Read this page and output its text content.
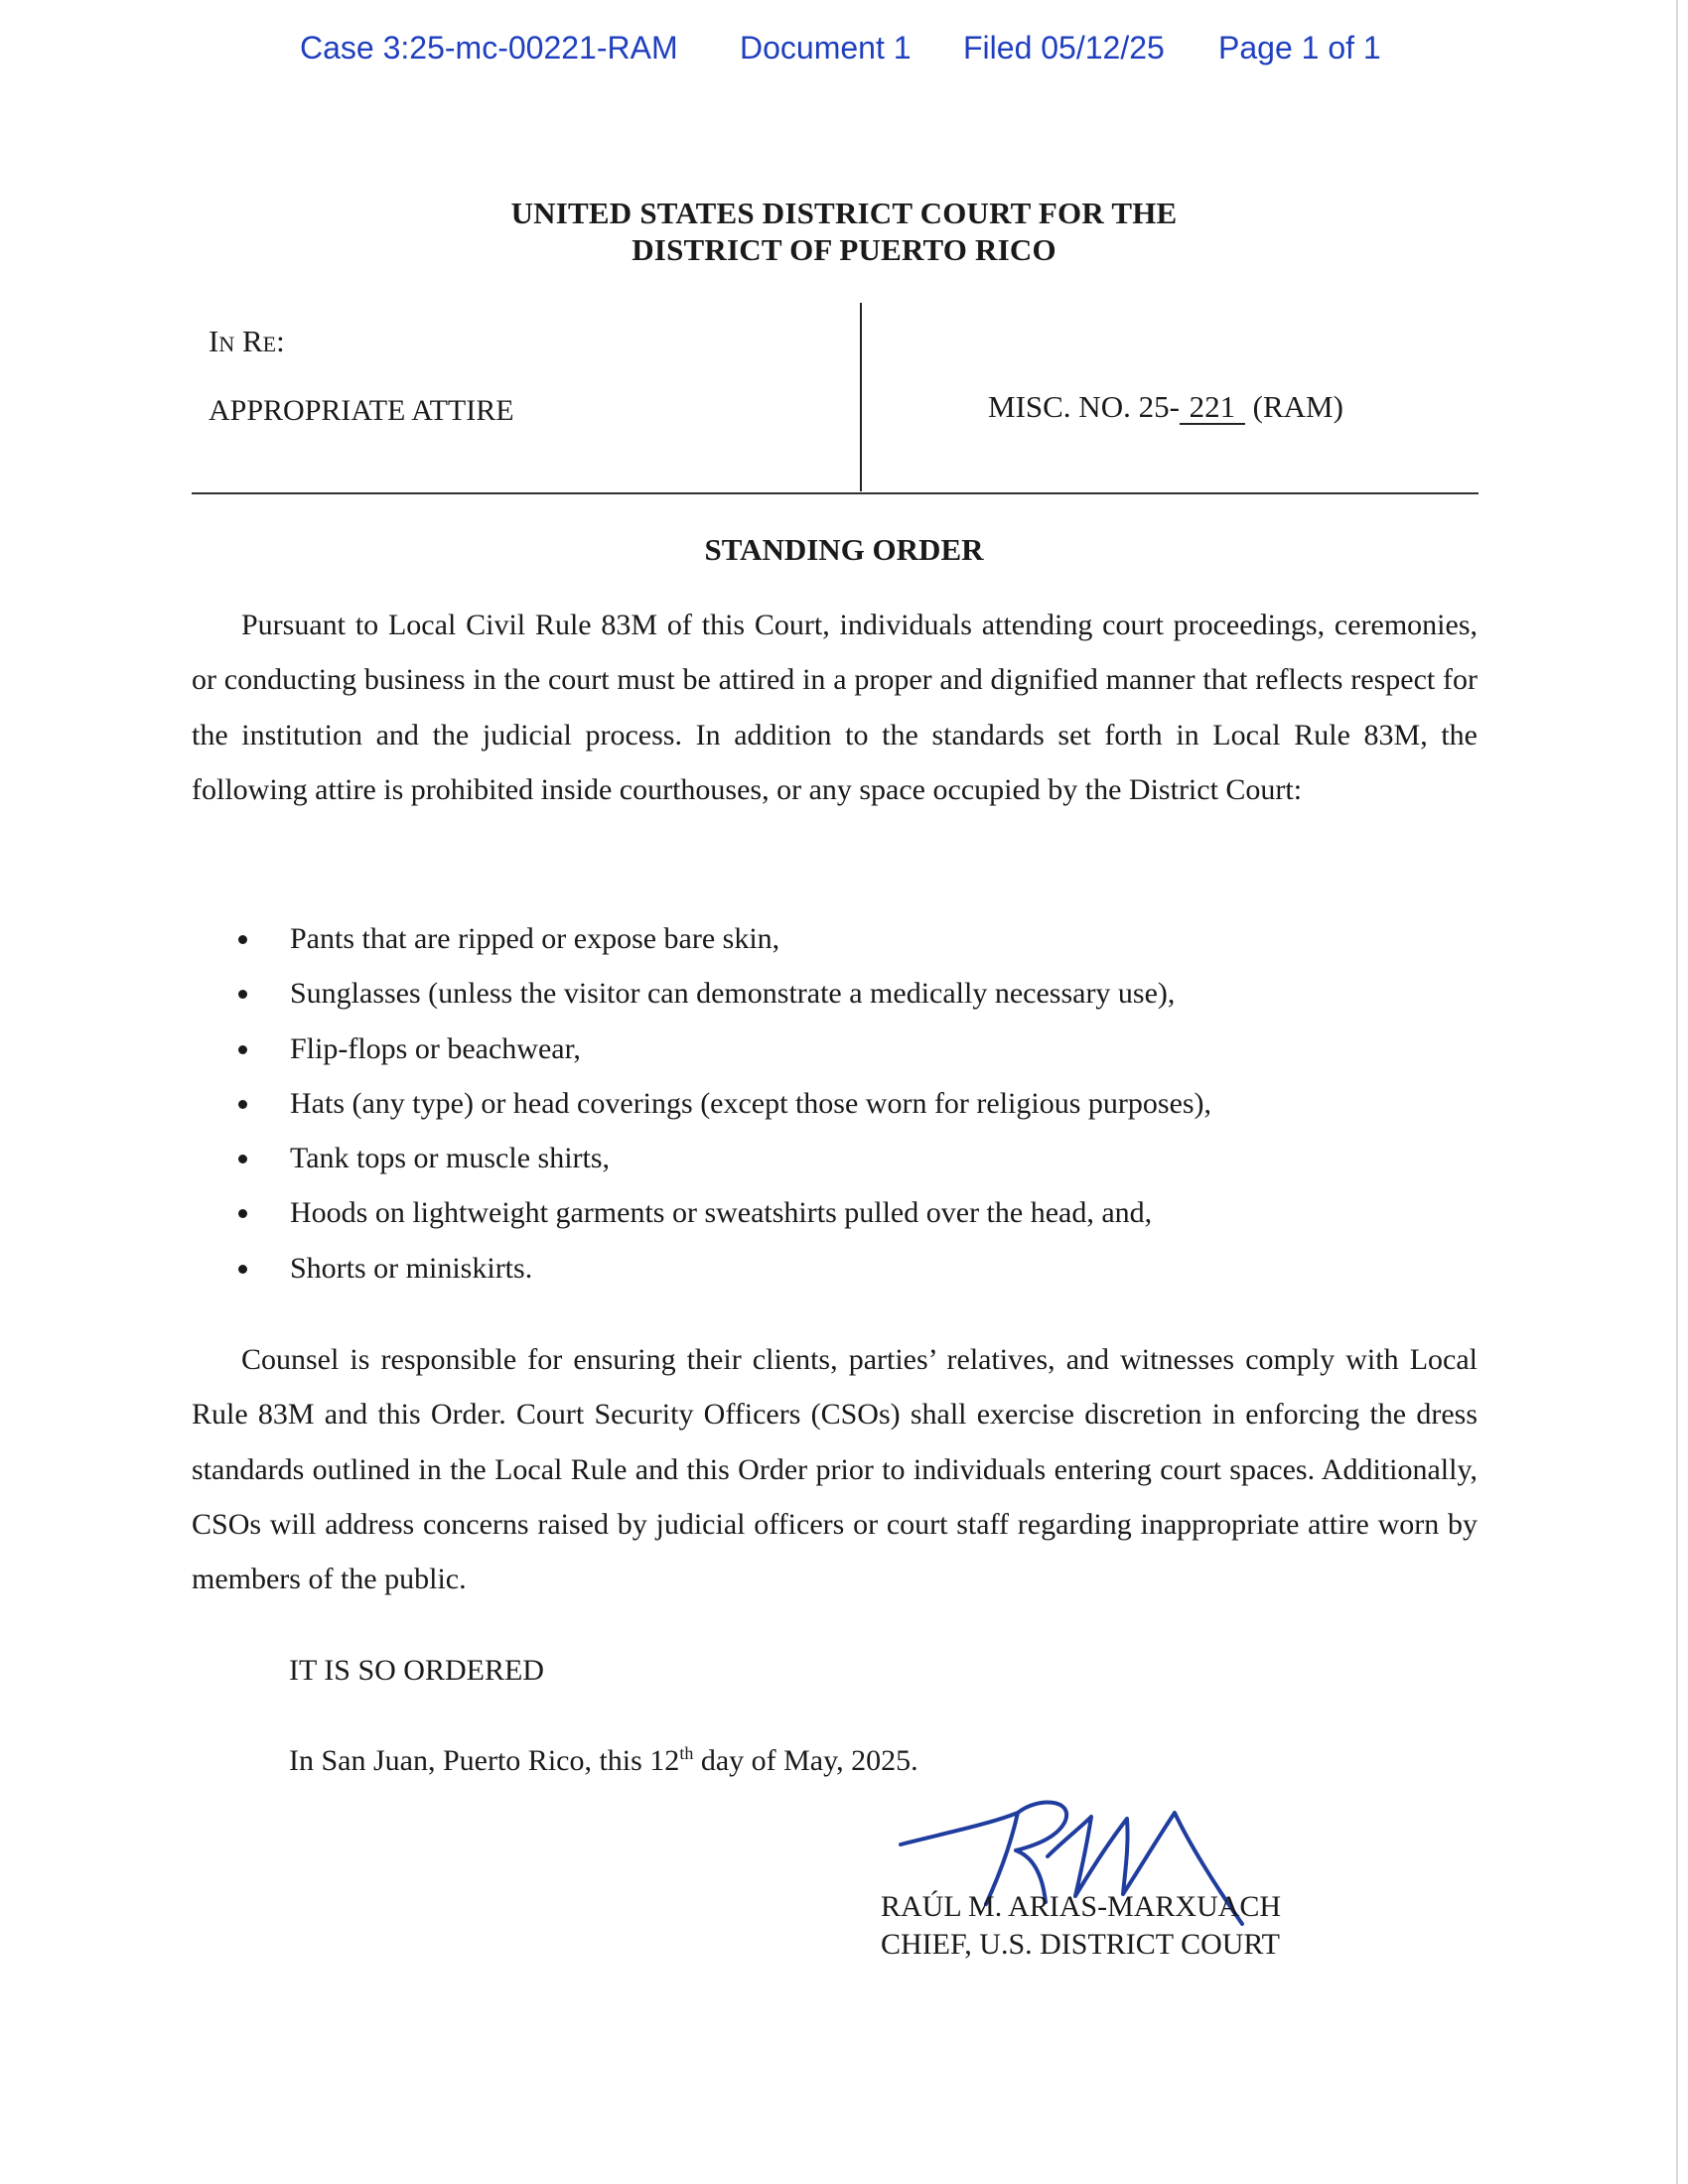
Case 3:25-mc-00221-RAM Document 1 Filed 05/12/25 Page 1 of 1
UNITED STATES DISTRICT COURT FOR THE
DISTRICT OF PUERTO RICO
In Re:
APPROPRIATE ATTIRE	MISC. NO. 25- 221 (RAM)
STANDING ORDER

Pursuant to Local Civil Rule 83M of this Court, individuals attending court proceedings, ceremonies, or conducting business in the court must be attired in a proper and dignified manner that reflects respect for the institution and the judicial process. In addition to the standards set forth in Local Rule 83M, the following attire is prohibited inside courthouses, or any space occupied by the District Court:

Pants that are ripped or expose bare skin,
Sunglasses (unless the visitor can demonstrate a medically necessary use),
Flip-flops or beachwear,
Hats (any type) or head coverings (except those worn for religious purposes),
Tank tops or muscle shirts,
Hoods on lightweight garments or sweatshirts pulled over the head, and,
Shorts or miniskirts.

Counsel is responsible for ensuring their clients, parties’ relatives, and witnesses comply with Local Rule 83M and this Order. Court Security Officers (CSOs) shall exercise discretion in enforcing the dress standards outlined in the Local Rule and this Order prior to individuals entering court spaces. Additionally, CSOs will address concerns raised by judicial officers or court staff regarding inappropriate attire worn by members of the public.

IT IS SO ORDERED
In San Juan, Puerto Rico, this 12th day of May, 2025.
RAÚL M. ARIAS-MARXUACH
CHIEF, U.S. DISTRICT COURT
